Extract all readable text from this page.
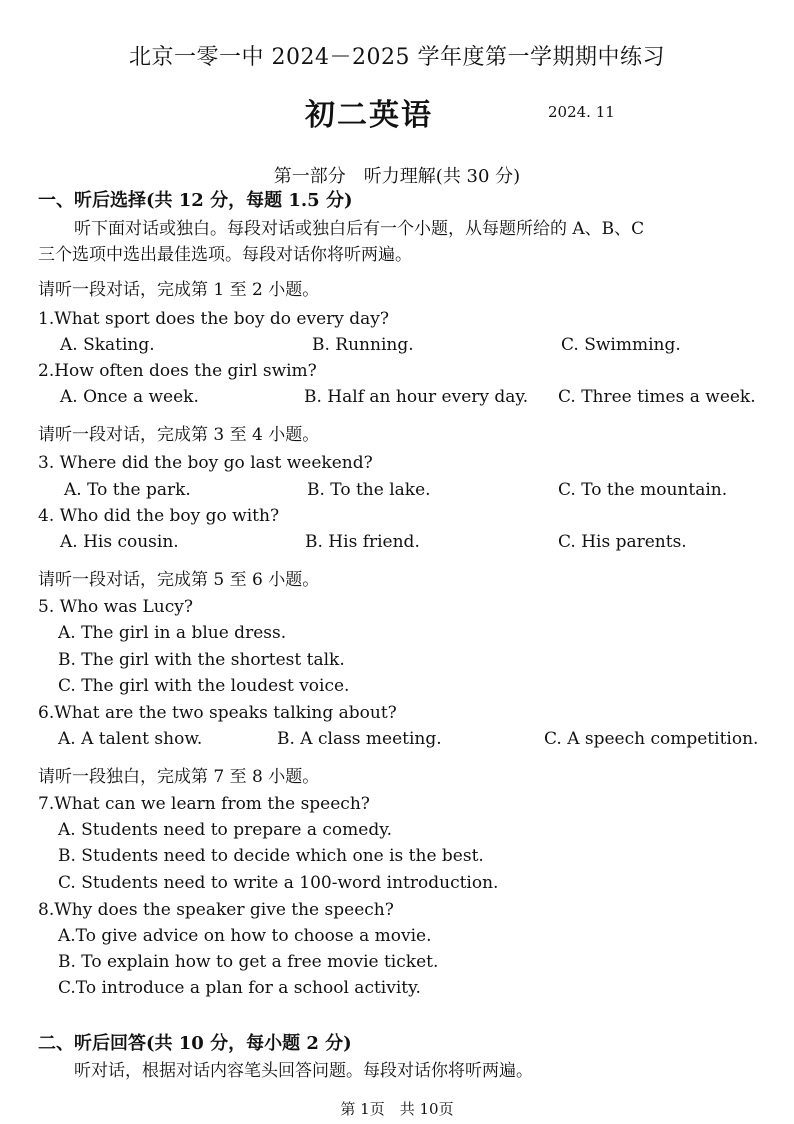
北京一零一中 2024－2025 学年度第一学期期中练习
初二英语	2024. 11
第一部分　听力理解(共 30 分)
一、听后选择(共 12 分，每题 1.5 分)
听下面对话或独白。每段对话或独白后有一个小题，从每题所给的 A、B、C
三个选项中选出最佳选项。每段对话你将听两遍。
请听一段对话，完成第 1 至 2 小题。
1.What sport does the boy do every day?
A. Skating.	B. Running.	C. Swimming.
2.How often does the girl swim?
A. Once a week.	B. Half an hour every day. C. Three times a week.
请听一段对话，完成第 3 至 4 小题。
3. Where did the boy go last weekend?
A. To the park.	B. To the lake.	C. To the mountain.
4. Who did the boy go with?
A. His cousin.	B. His friend.	C. His parents.
请听一段对话，完成第 5 至 6 小题。
5. Who was Lucy?
A. The girl in a blue dress.
B. The girl with the shortest talk.
C. The girl with the loudest voice.
6.What are the two speaks talking about?
A. A talent show.	B. A class meeting.	C. A speech competition.
请听一段独白，完成第 7 至 8 小题。
7.What can we learn from the speech?
A. Students need to prepare a comedy.
B. Students need to decide which one is the best.
C. Students need to write a 100-word introduction.
8.Why does the speaker give the speech?
A.To give advice on how to choose a movie.
B. To explain how to get a free movie ticket.
C.To introduce a plan for a school activity.
二、听后回答(共 10 分，每小题 2 分)
听对话，根据对话内容笔头回答问题。每段对话你将听两遍。
第 1页　共 10页
